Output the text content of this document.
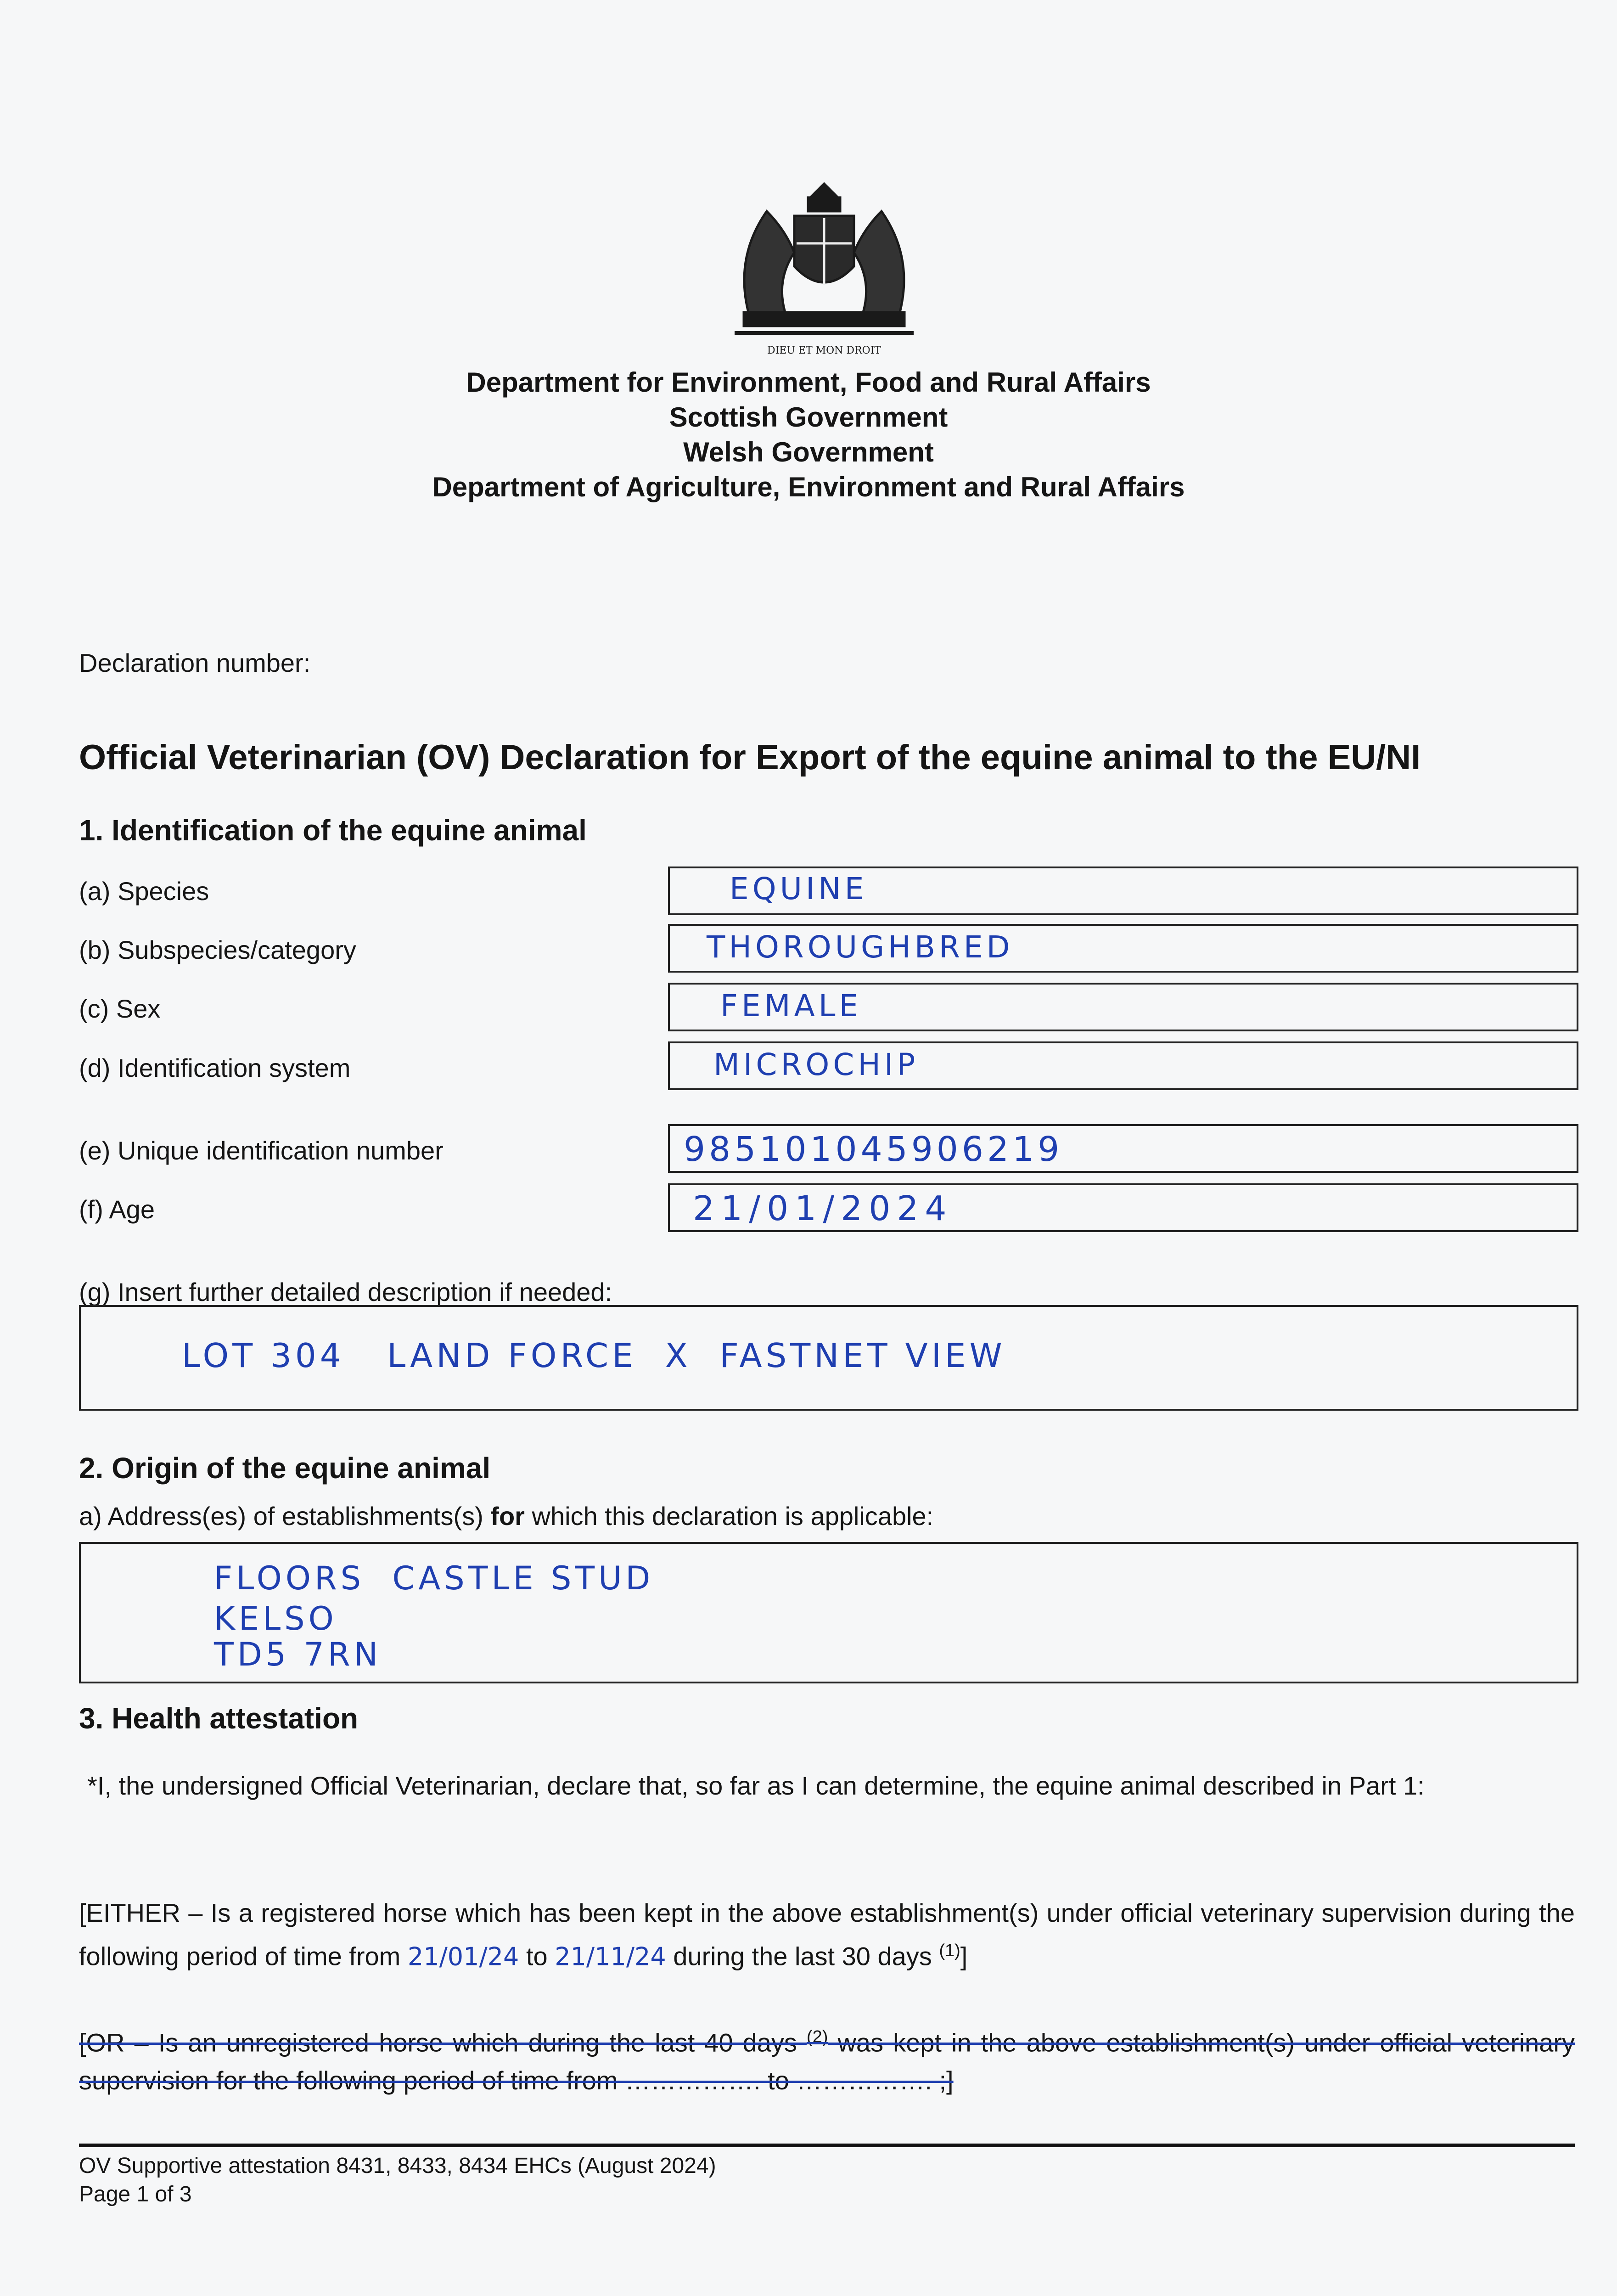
DIEU ET MON DROIT
Department for Environment, Food and Rural Affairs
Scottish Government
Welsh Government
Department of Agriculture, Environment and Rural Affairs
Declaration number:
Official Veterinarian (OV) Declaration for Export of the equine animal to the EU/NI
1. Identification of the equine animal
(a) Species	EQUINE
(b) Subspecies/category	THOROUGHBRED
(c) Sex	FEMALE
(d) Identification system	MICROCHIP
(e) Unique identification number	985101045906219
(f) Age	21/01/2024
(g) Insert further detailed description if needed:
LOT 304   LAND FORCE  X  FASTNET VIEW
2. Origin of the equine animal
a) Address(es) of establishments(s) for which this declaration is applicable:
FLOORS  CASTLE STUD
KELSO
TD5 7RN
3. Health attestation
*I, the undersigned Official Veterinarian, declare that, so far as I can determine, the equine animal described in Part 1:
[EITHER – Is a registered horse which has been kept in the above establishment(s) under official veterinary supervision during the following period of time from 21/01/24 to 21/11/24 during the last 30 days $^{(1)}$]
[OR – Is an unregistered horse which during the last 40 days $^{(2)}$ was kept in the above establishment(s) under official veterinary supervision for the following period of time from ……………. to ……………. ;]
OV Supportive attestation 8431, 8433, 8434 EHCs (August 2024)
Page 1 of 3
